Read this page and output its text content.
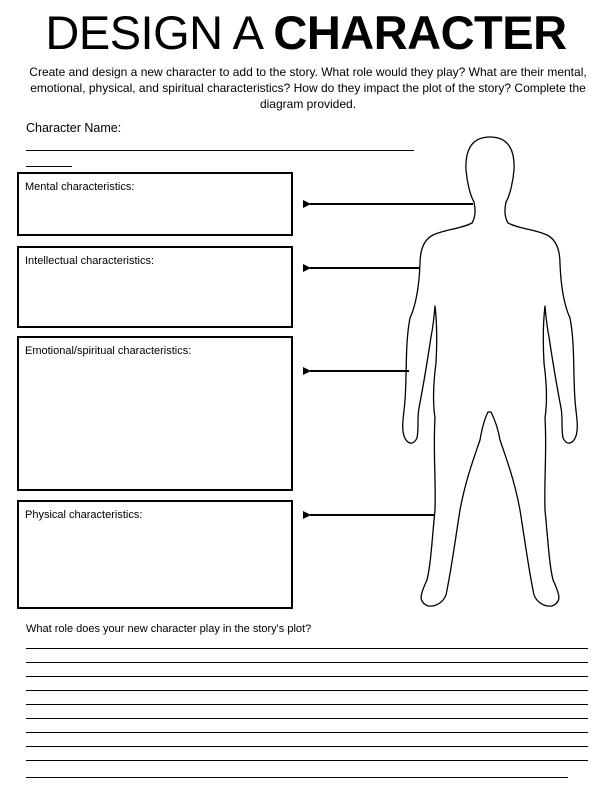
DESIGN A CHARACTER
Create and design a new character to add to the story. What role would they play? What are their mental, emotional, physical, and spiritual characteristics? How do they impact the plot of the story? Complete the diagram provided.
Character Name:
Mental characteristics:
Intellectual characteristics:
Emotional/spiritual characteristics:
Physical characteristics:
What role does your new character play in the story's plot?
